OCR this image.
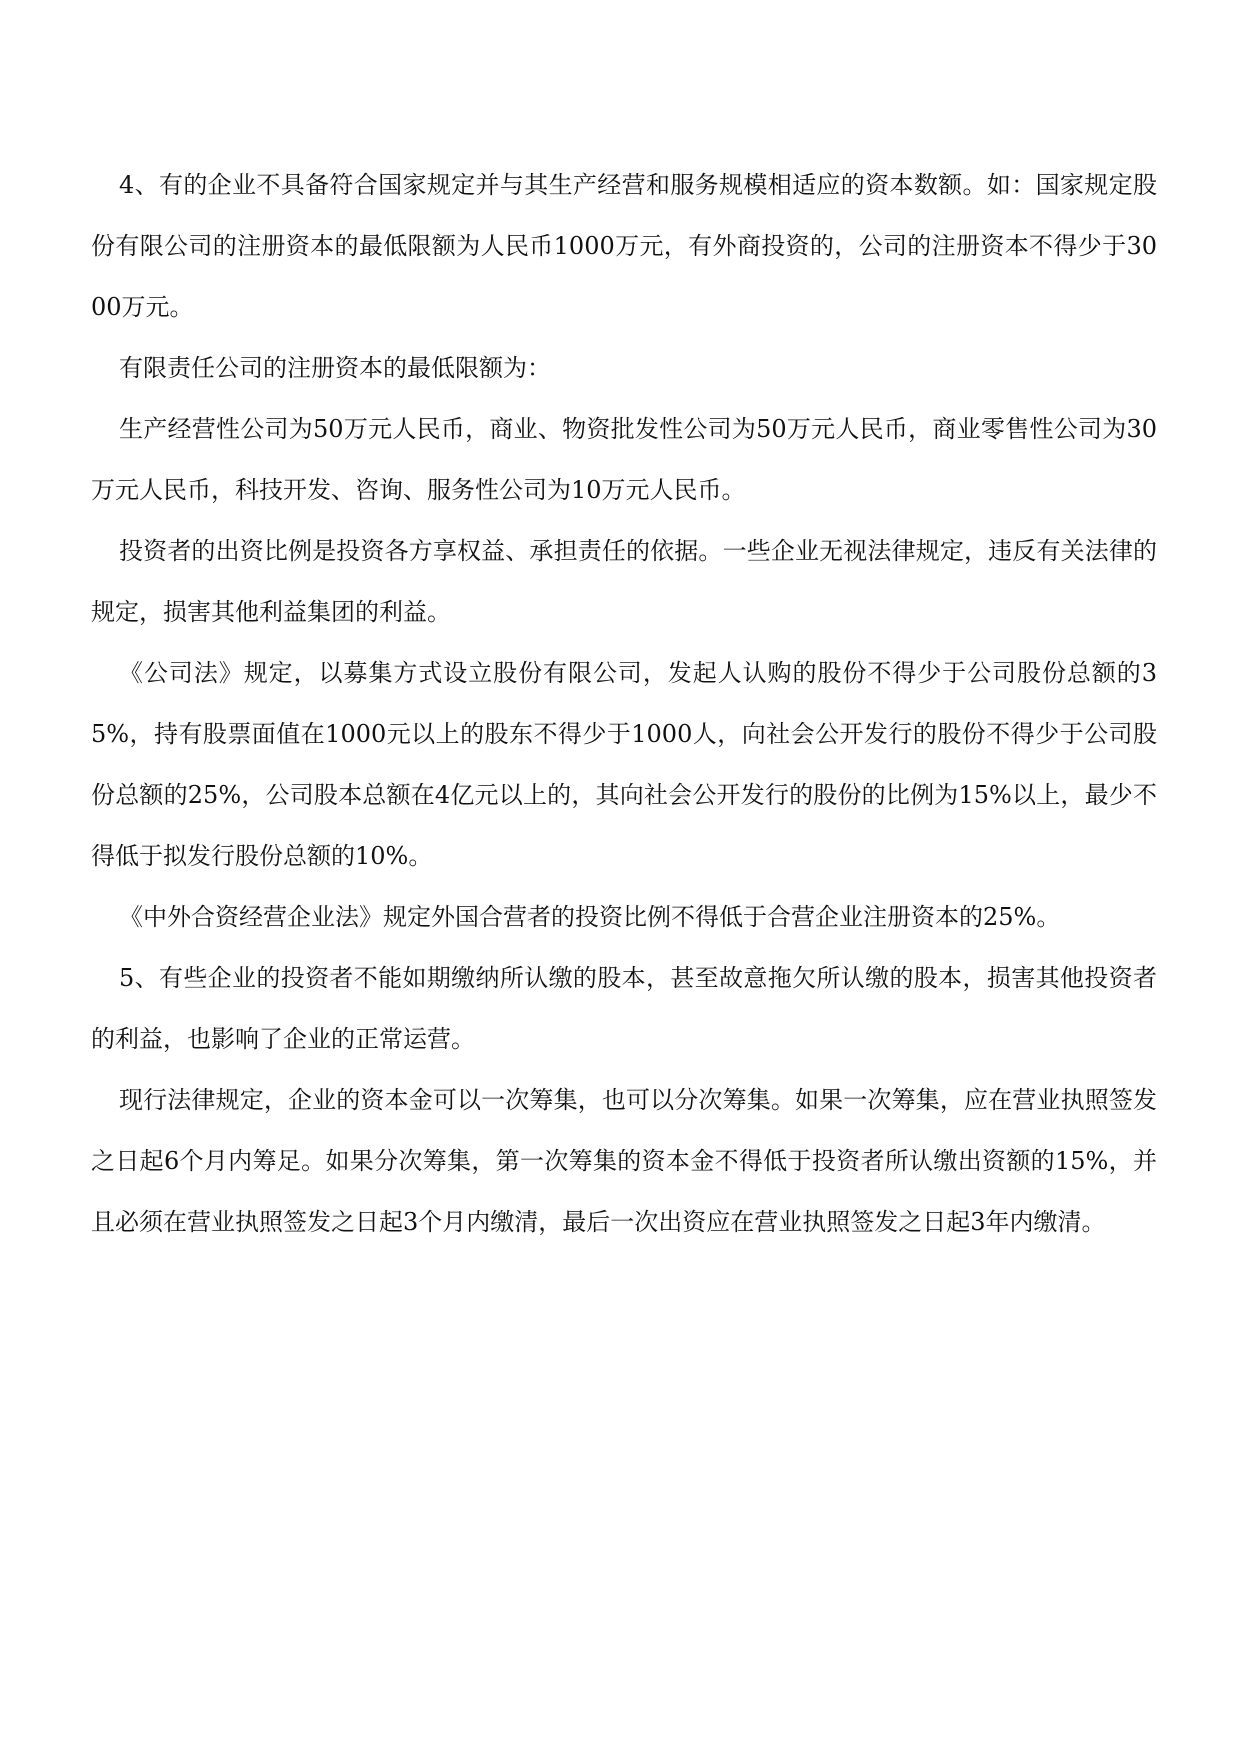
4、有的企业不具备符合国家规定并与其生产经营和服务规模相适应的资本数额。如：国家规定股份有限公司的注册资本的最低限额为人民币1000万元，有外商投资的，公司的注册资本不得少于3000万元。

有限责任公司的注册资本的最低限额为：

生产经营性公司为50万元人民币，商业、物资批发性公司为50万元人民币，商业零售性公司为30万元人民币，科技开发、咨询、服务性公司为10万元人民币。

投资者的出资比例是投资各方享权益、承担责任的依据。一些企业无视法律规定，违反有关法律的规定，损害其他利益集团的利益。

《公司法》规定，以募集方式设立股份有限公司，发起人认购的股份不得少于公司股份总额的35%，持有股票面值在1000元以上的股东不得少于1000人，向社会公开发行的股份不得少于公司股份总额的25%，公司股本总额在4亿元以上的，其向社会公开发行的股份的比例为15%以上，最少不得低于拟发行股份总额的10%。

《中外合资经营企业法》规定外国合营者的投资比例不得低于合营企业注册资本的25%。

5、有些企业的投资者不能如期缴纳所认缴的股本，甚至故意拖欠所认缴的股本，损害其他投资者的利益，也影响了企业的正常运营。

现行法律规定，企业的资本金可以一次筹集，也可以分次筹集。如果一次筹集，应在营业执照签发之日起6个月内筹足。如果分次筹集，第一次筹集的资本金不得低于投资者所认缴出资额的15%，并且必须在营业执照签发之日起3个月内缴清，最后一次出资应在营业执照签发之日起3年内缴清。
